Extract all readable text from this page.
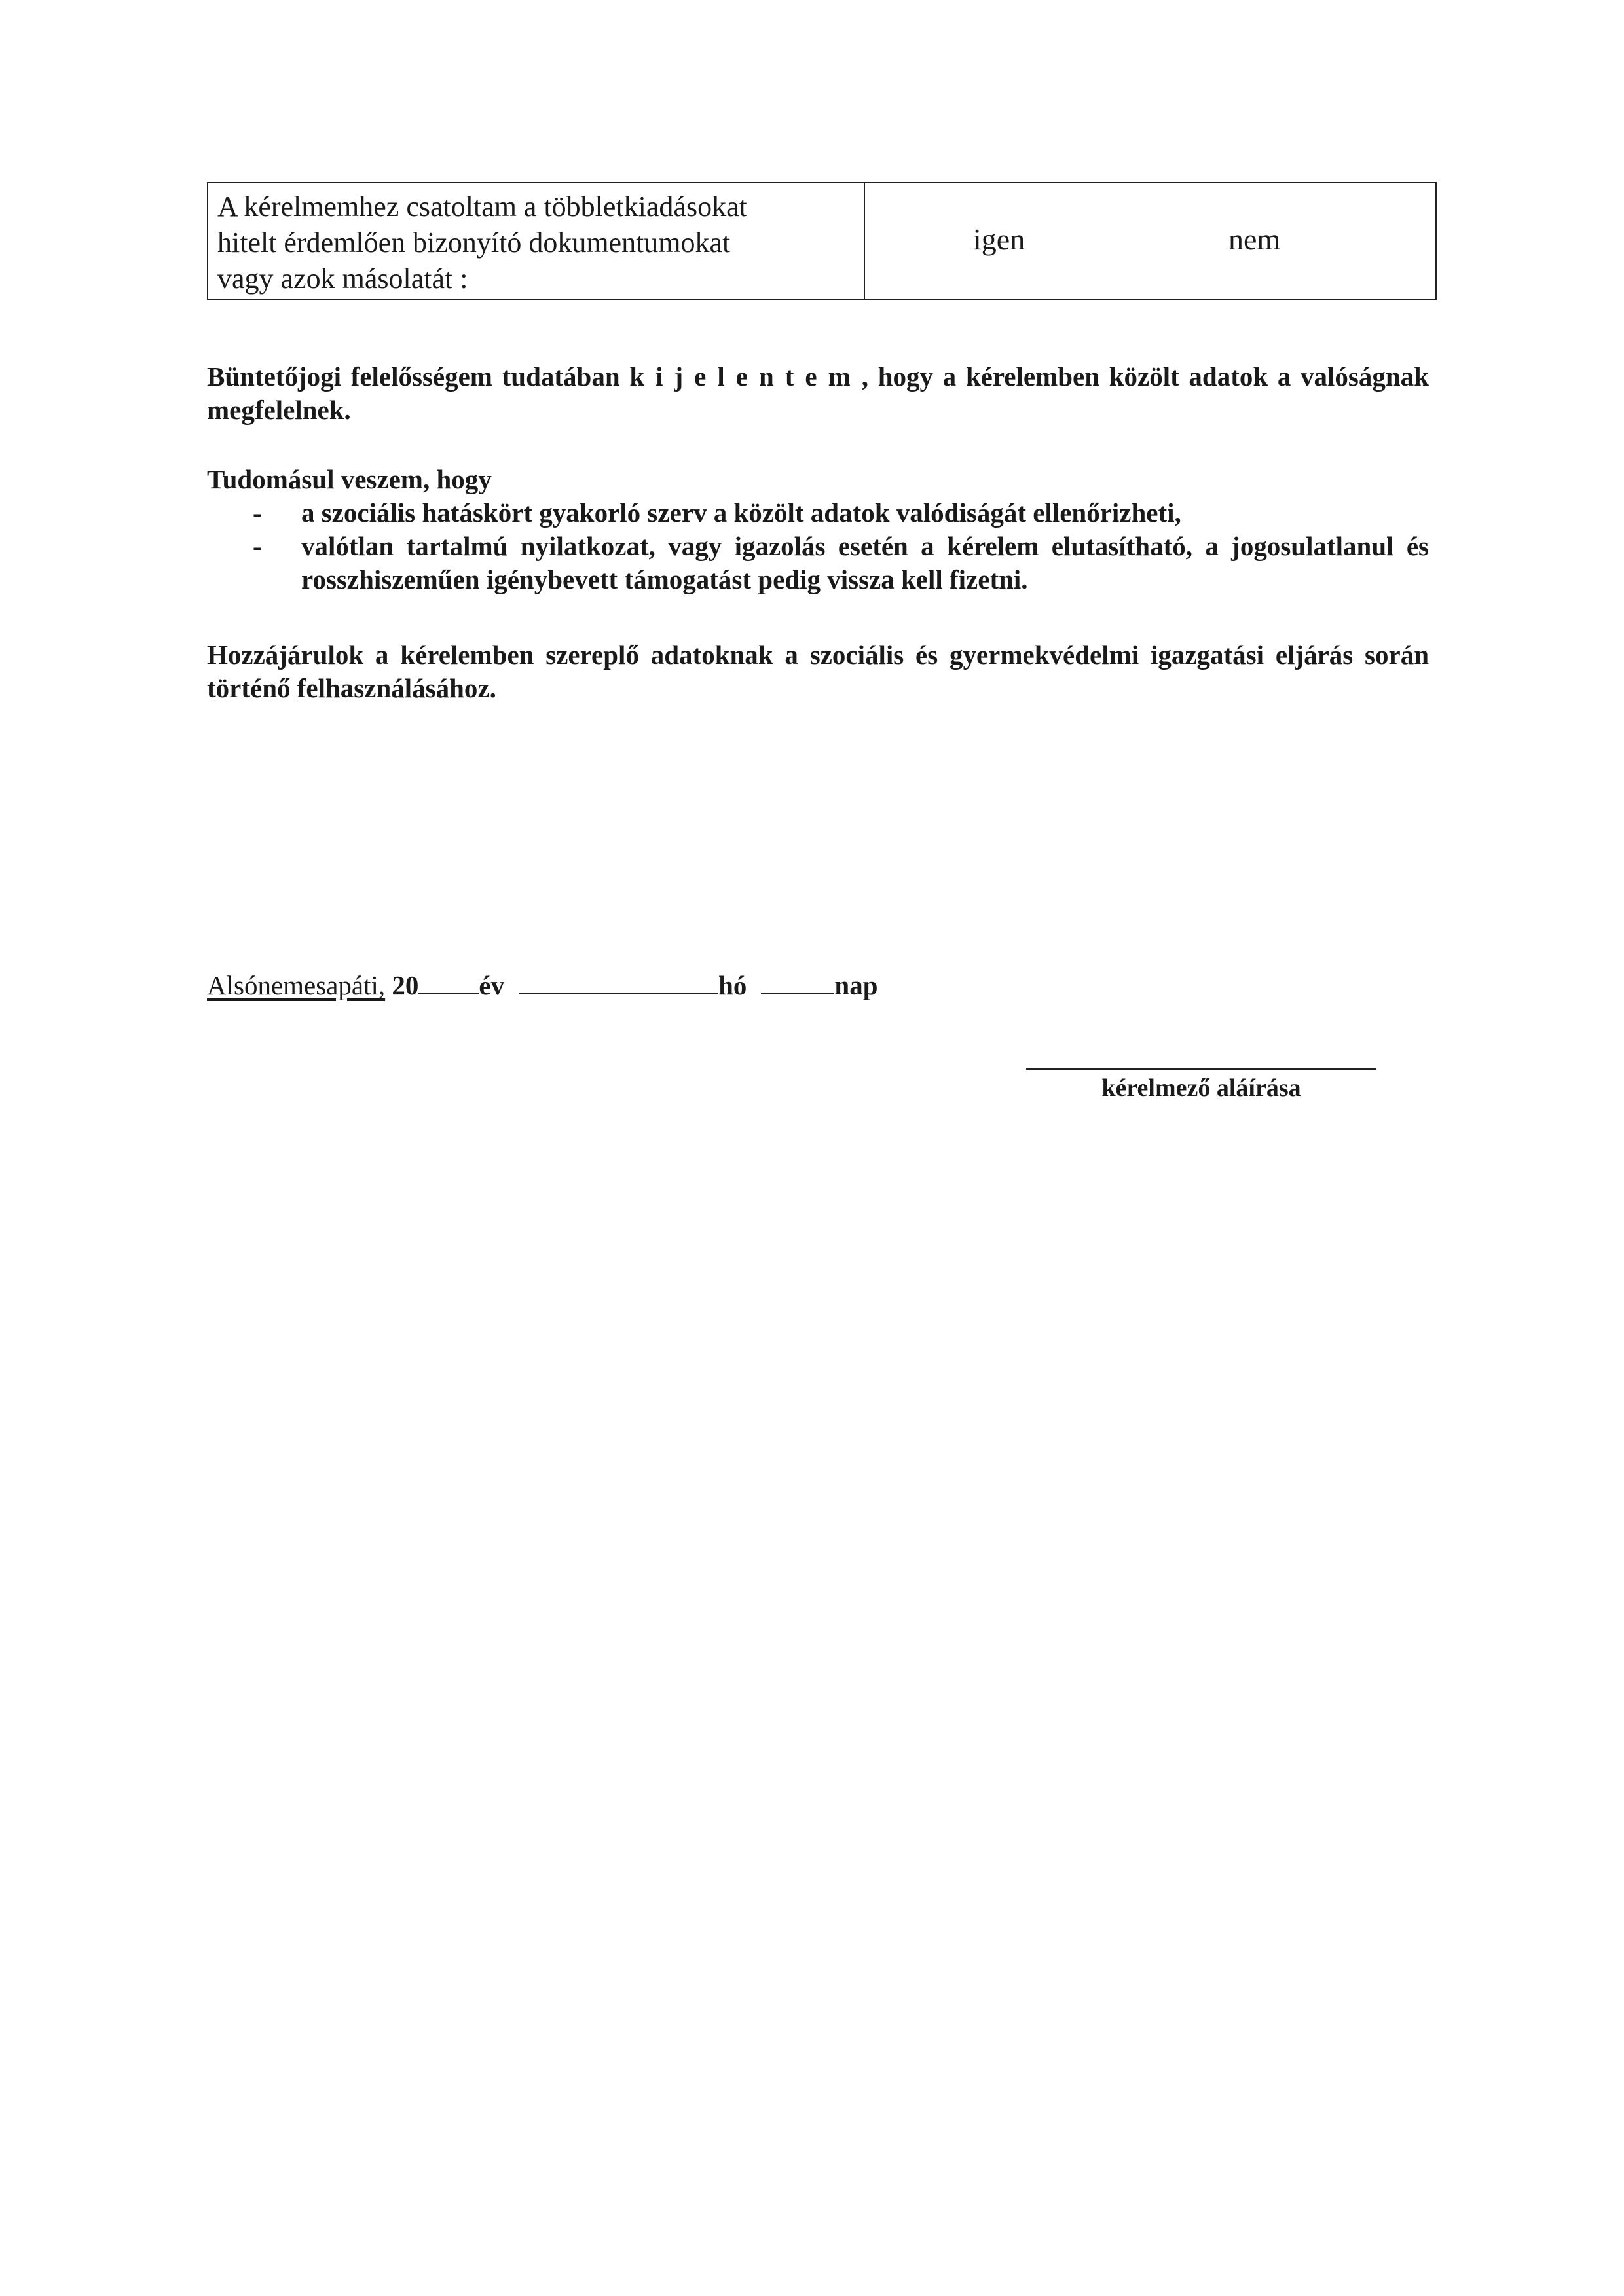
A kérelmemhez csatoltam a többletkiadásokat
hitelt érdemlően bizonyító dokumentumokat
vagy azok másolatát :
igen	nem
Büntetőjogi felelősségem tudatában kijelentem, hogy a kérelemben közölt adatok a valóságnak megfelelnek.
Tudomásul veszem, hogy
- a szociális hatáskört gyakorló szerv a közölt adatok valódiságát ellenőrizheti,
- valótlan tartalmú nyilatkozat, vagy igazolás esetén a kérelem elutasítható, a jogosulatlanul és rosszhiszeműen igénybevett támogatást pedig vissza kell fizetni.
Hozzájárulok a kérelemben szereplő adatoknak a szociális és gyermekvédelmi igazgatási eljárás során történő felhasználásához.
Alsónemesapáti, 20 év	hó	nap
kérelmező aláírása
